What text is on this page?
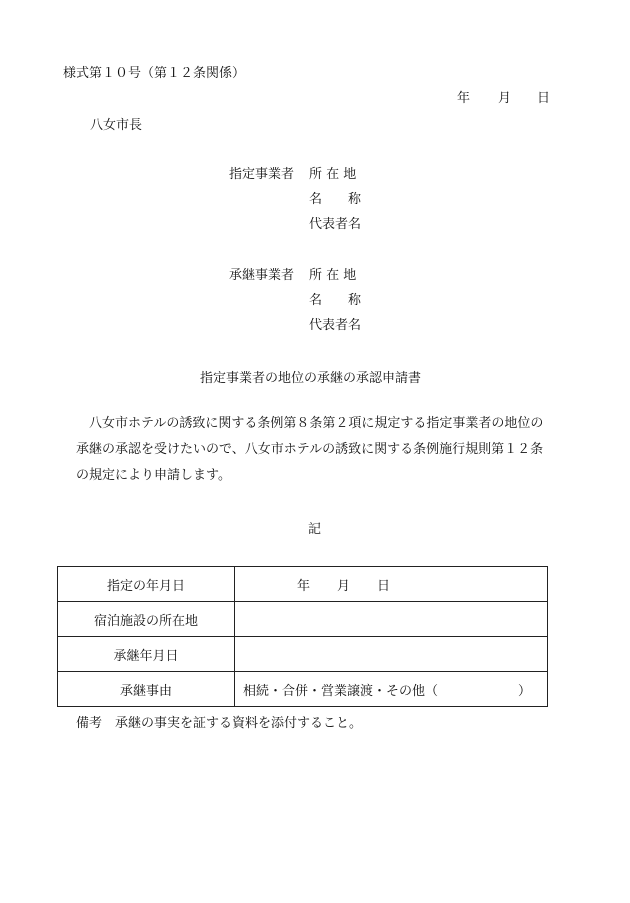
様式第１０号（第１２条関係）
年 月 日
八女市長
指定事業者 所 在 地
名　　称
代表者名
承継事業者 所 在 地
名　　称
代表者名
指定事業者の地位の承継の承認申請書

八女市ホテルの誘致に関する条例第８条第２項に規定する指定事業者の地位の

承継の承認を受けたいので、八女市ホテルの誘致に関する条例施行規則第１２条

の規定により申請します。

記
指定の年月日	年 月 日
宿泊施設の所在地	
承継年月日	
承継事由	相続・合併・営業譲渡・その他（ ）
備考　承継の事実を証する資料を添付すること。
